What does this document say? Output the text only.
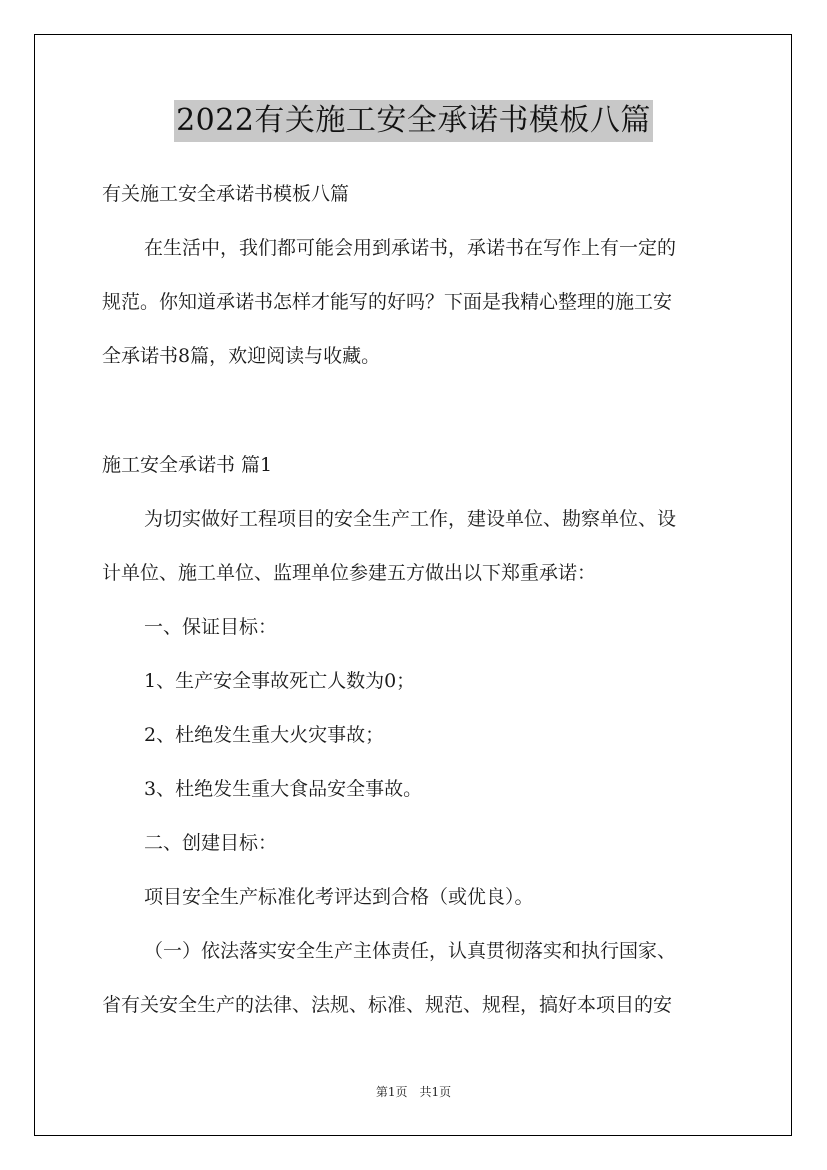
2022有关施工安全承诺书模板八篇
有关施工安全承诺书模板八篇
在生活中，我们都可能会用到承诺书，承诺书在写作上有一定的
规范。你知道承诺书怎样才能写的好吗？下面是我精心整理的施工安
全承诺书8篇，欢迎阅读与收藏。
施工安全承诺书 篇1
为切实做好工程项目的安全生产工作，建设单位、勘察单位、设
计单位、施工单位、监理单位参建五方做出以下郑重承诺：
一、保证目标：
1、生产安全事故死亡人数为0；
2、杜绝发生重大火灾事故；
3、杜绝发生重大食品安全事故。
二、创建目标：
项目安全生产标准化考评达到合格（或优良）。
（一）依法落实安全生产主体责任，认真贯彻落实和执行国家、
省有关安全生产的法律、法规、标准、规范、规程，搞好本项目的安
第1页　共1页
